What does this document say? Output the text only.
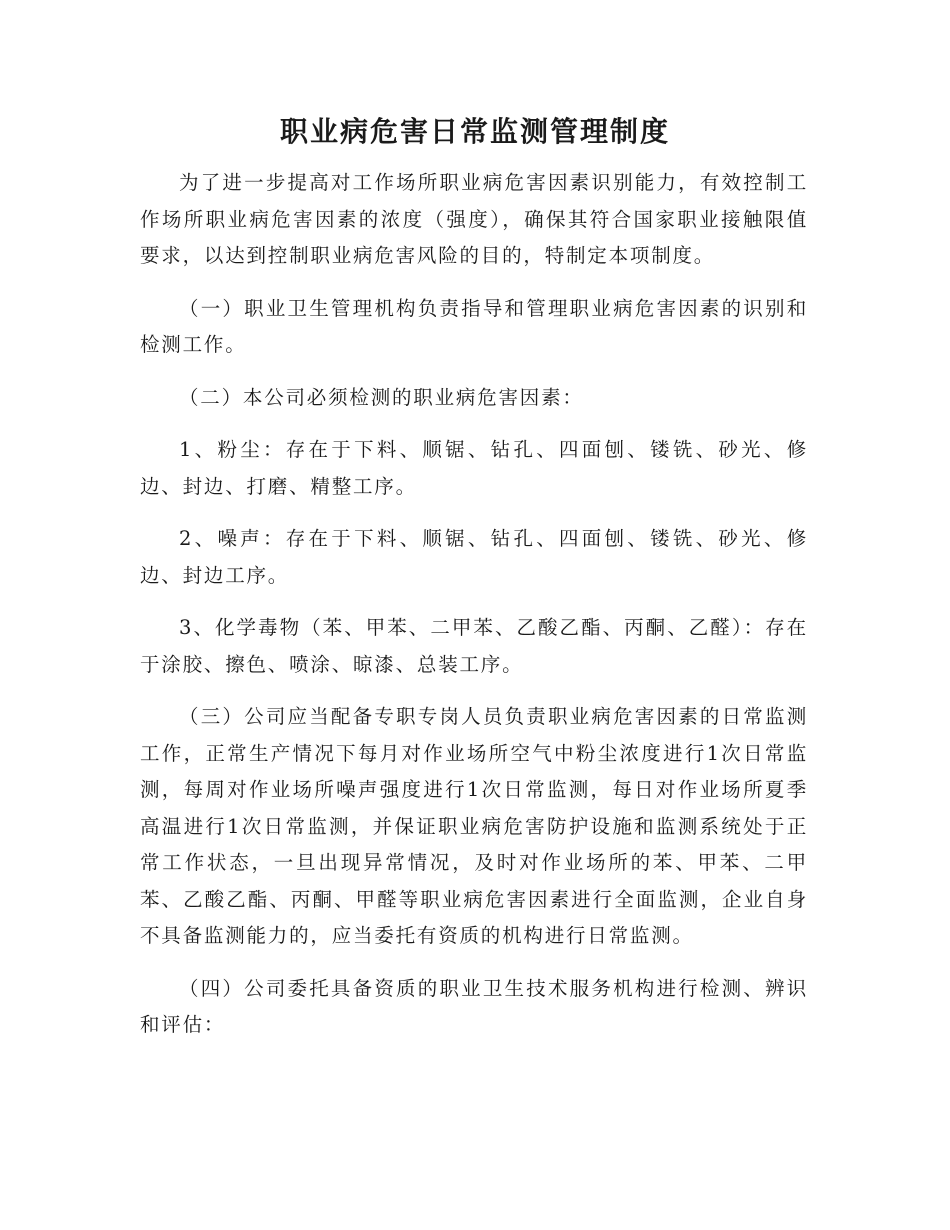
职业病危害日常监测管理制度

为了进一步提高对工作场所职业病危害因素识别能力，有效控制工作场所职业病危害因素的浓度（强度），确保其符合国家职业接触限值要求，以达到控制职业病危害风险的目的，特制定本项制度。

（一）职业卫生管理机构负责指导和管理职业病危害因素的识别和检测工作。

（二）本公司必须检测的职业病危害因素：

1、粉尘：存在于下料、顺锯、钻孔、四面刨、镂铣、砂光、修边、封边、打磨、精整工序。

2、噪声：存在于下料、顺锯、钻孔、四面刨、镂铣、砂光、修边、封边工序。

3、化学毒物（苯、甲苯、二甲苯、乙酸乙酯、丙酮、乙醛）：存在于涂胶、擦色、喷涂、晾漆、总装工序。

（三）公司应当配备专职专岗人员负责职业病危害因素的日常监测工作，正常生产情况下每月对作业场所空气中粉尘浓度进行1次日常监测，每周对作业场所噪声强度进行1次日常监测，每日对作业场所夏季高温进行1次日常监测，并保证职业病危害防护设施和监测系统处于正常工作状态，一旦出现异常情况，及时对作业场所的苯、甲苯、二甲苯、乙酸乙酯、丙酮、甲醛等职业病危害因素进行全面监测，企业自身不具备监测能力的，应当委托有资质的机构进行日常监测。

（四）公司委托具备资质的职业卫生技术服务机构进行检测、辨识和评估：
